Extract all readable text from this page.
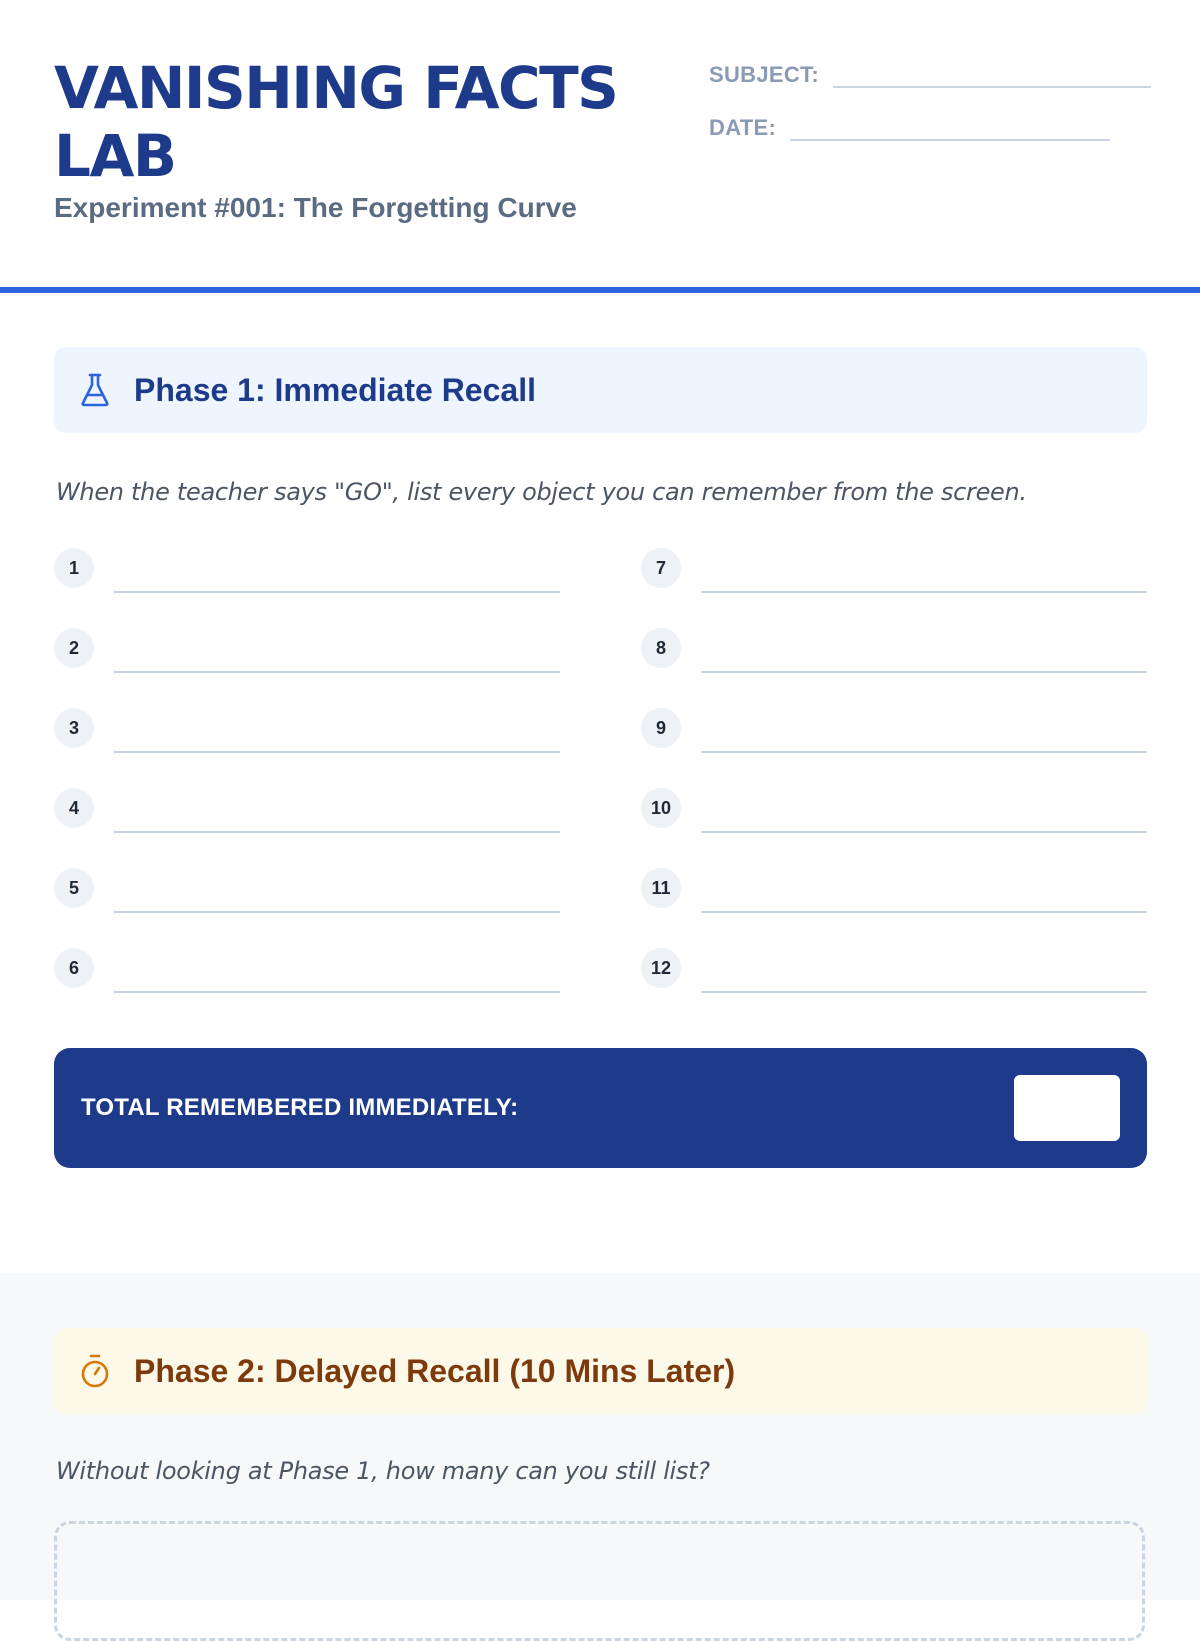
VANISHING FACTS LAB
Experiment #001: The Forgetting Curve
SUBJECT:
DATE:
Phase 1: Immediate Recall
When the teacher says "GO", list every object you can remember from the screen.
1
2
3
4
5
6
7
8
9
10
11
12
TOTAL REMEMBERED IMMEDIATELY:
Phase 2: Delayed Recall (10 Mins Later)
Without looking at Phase 1, how many can you still list?
